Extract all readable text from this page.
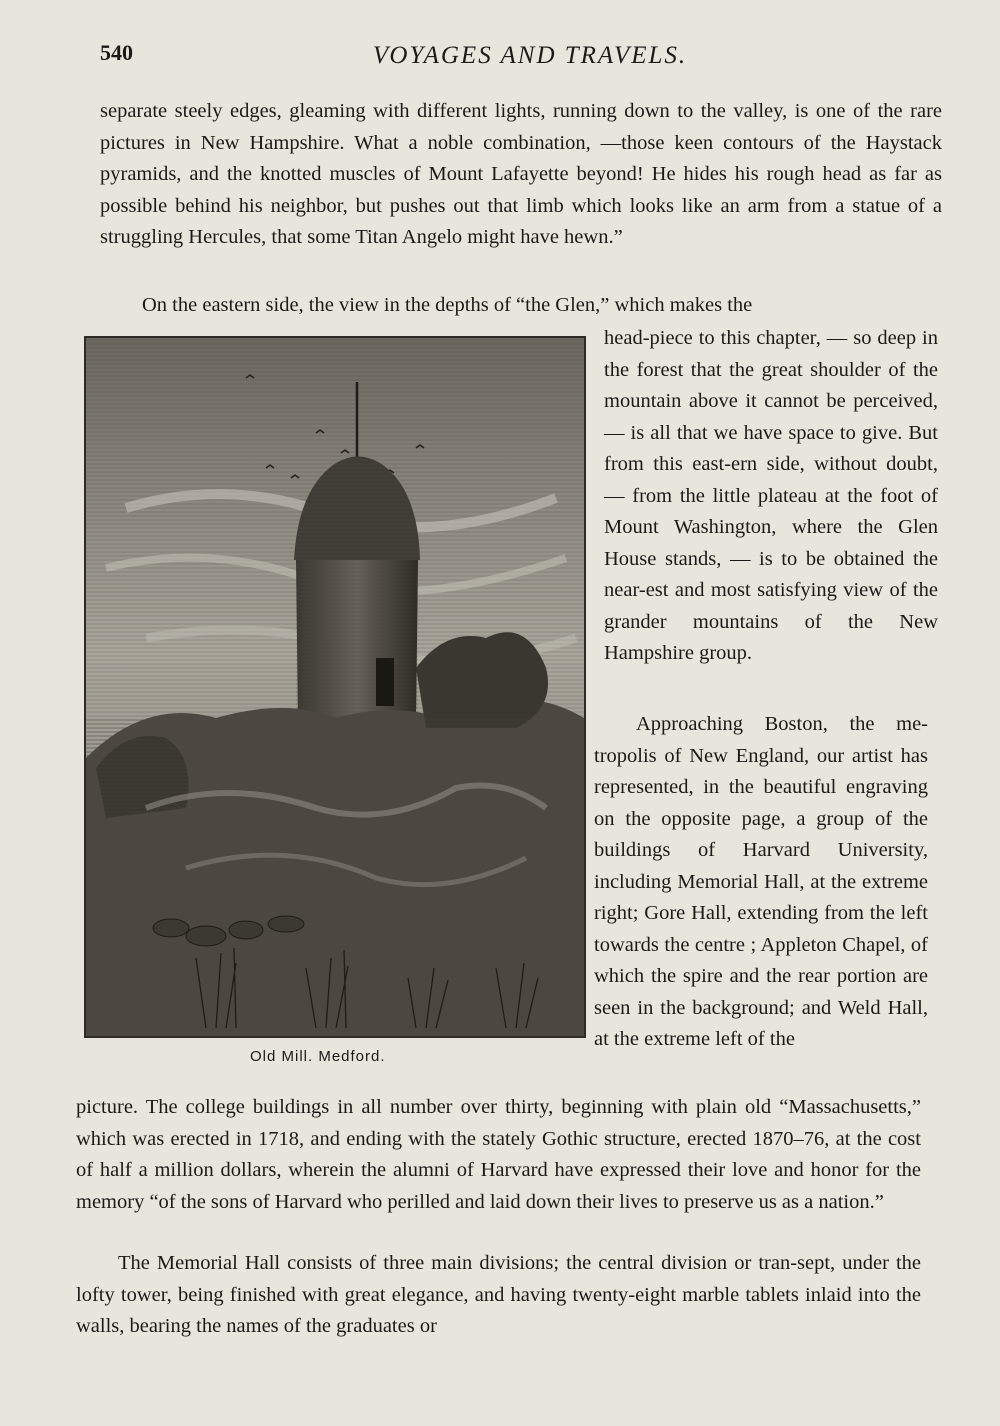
540	VOYAGES AND TRAVELS.

separate steely edges, gleaming with different lights, running down to the valley, is one of the rare pictures in New Hampshire. What a noble combination, —those keen contours of the Haystack pyramids, and the knotted muscles of Mount Lafayette beyond! He hides his rough head as far as possible behind his neighbor, but pushes out that limb which looks like an arm from a statue of a struggling Hercules, that some Titan Angelo might have hewn.”

On the eastern side, the view in the depths of “the Glen,” which makes the

head-piece to this chapter, — so deep in the forest that the great shoulder of the mountain above it cannot be perceived, — is all that we have space to give. But from this east-ern side, without doubt, — from the little plateau at the foot of Mount Washington, where the Glen House stands, — is to be obtained the near-est and most satisfying view of the grander mountains of the New Hampshire group.

Approaching Boston, the me-tropolis of New England, our artist has represented, in the beautiful engraving on the opposite page, a group of the buildings of Harvard University, including Memorial Hall, at the extreme right; Gore Hall, extending from the left towards the centre ; Appleton Chapel, of which the spire and the rear portion are seen in the background; and Weld Hall, at the extreme left of the

picture. The college buildings in all number over thirty, beginning with plain old “Massachusetts,” which was erected in 1718, and ending with the stately Gothic structure, erected 1870–76, at the cost of half a million dollars, wherein the alumni of Harvard have expressed their love and honor for the memory “of the sons of Harvard who perilled and laid down their lives to preserve us as a nation.”

The Memorial Hall consists of three main divisions; the central division or tran-sept, under the lofty tower, being finished with great elegance, and having twenty-eight marble tablets inlaid into the walls, bearing the names of the graduates or

Old Mill. Medford.
